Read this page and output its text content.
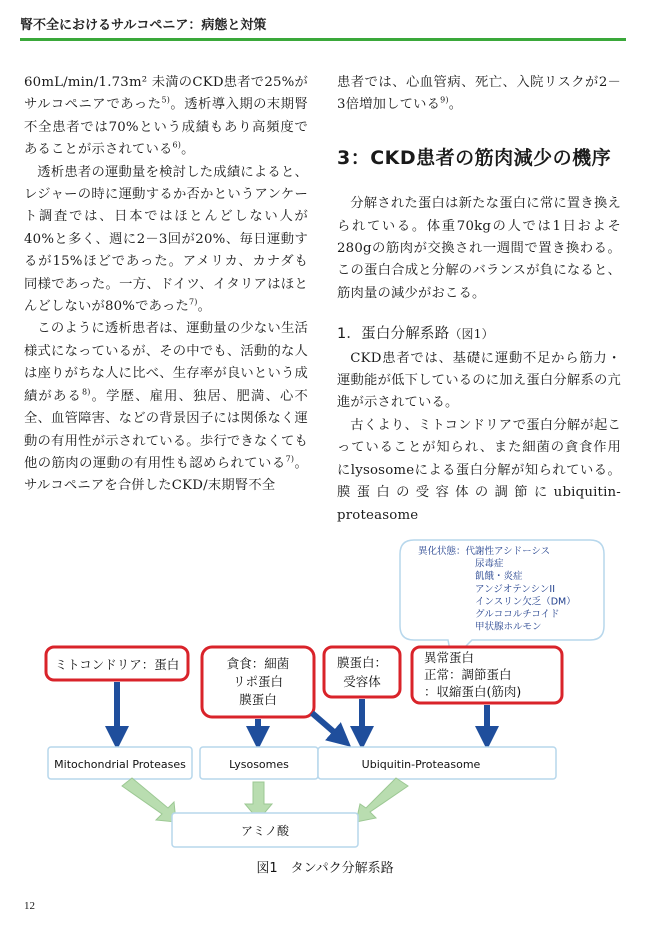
腎不全におけるサルコペニア：病態と対策

60mL/min/1.73m² 未満のCKD患者で25%がサルコペニアであった$^{5)}$。透析導入期の末期腎不全患者では70%という成績もあり高頻度であることが示されている$^{6)}$。

透析患者の運動量を検討した成績によると、レジャーの時に運動するか否かというアンケート調査では、日本ではほとんどしない人が40%と多く、週に2－3回が20%、毎日運動するが15%ほどであった。アメリカ、カナダも同様であった。一方、ドイツ、イタリアはほとんどしないが80%であった$^{7)}$。

このように透析患者は、運動量の少ない生活様式になっているが、その中でも、活動的な人は座りがちな人に比べ、生存率が良いという成績がある$^{8)}$。学歴、雇用、独居、肥満、心不全、血管障害、などの背景因子には関係なく運動の有用性が示されている。歩行できなくても他の筋肉の運動の有用性も認められている$^{7)}$。サルコペニアを合併したCKD/末期腎不全

患者では、心血管病、死亡、入院リスクが2－3倍増加している$^{9)}$。

3：CKD患者の筋肉減少の機序

分解された蛋白は新たな蛋白に常に置き換えられている。体重70kgの人では1日およそ280gの筋肉が交換され一週間で置き換わる。この蛋白合成と分解のバランスが負になると、筋肉量の減少がおこる。

1．蛋白分解系路（図1）

CKD患者では、基礎に運動不足から筋力・運動能が低下しているのに加え蛋白分解系の亢進が示されている。

古くより、ミトコンドリアで蛋白分解が起こっていることが知られ、また細菌の貪食作用にlysosomeによる蛋白分解が知られている。膜蛋白の受容体の調節にubiquitin-proteasome

異化状態：代謝性アシドーシス
尿毒症
飢餓・炎症
アンジオテンシンII
インスリン欠乏（DM）
グルココルチコイド
甲状腺ホルモン
ミトコンドリア：蛋白	貪食：細菌
リポ蛋白
膜蛋白
膜蛋白：
受容体
異常蛋白
正常：調節蛋白
：収縮蛋白(筋肉)
Mitochondrial Proteases	Lysosomes	Ubiquitin-Proteasome
アミノ酸
図1　タンパク分解系路
12
